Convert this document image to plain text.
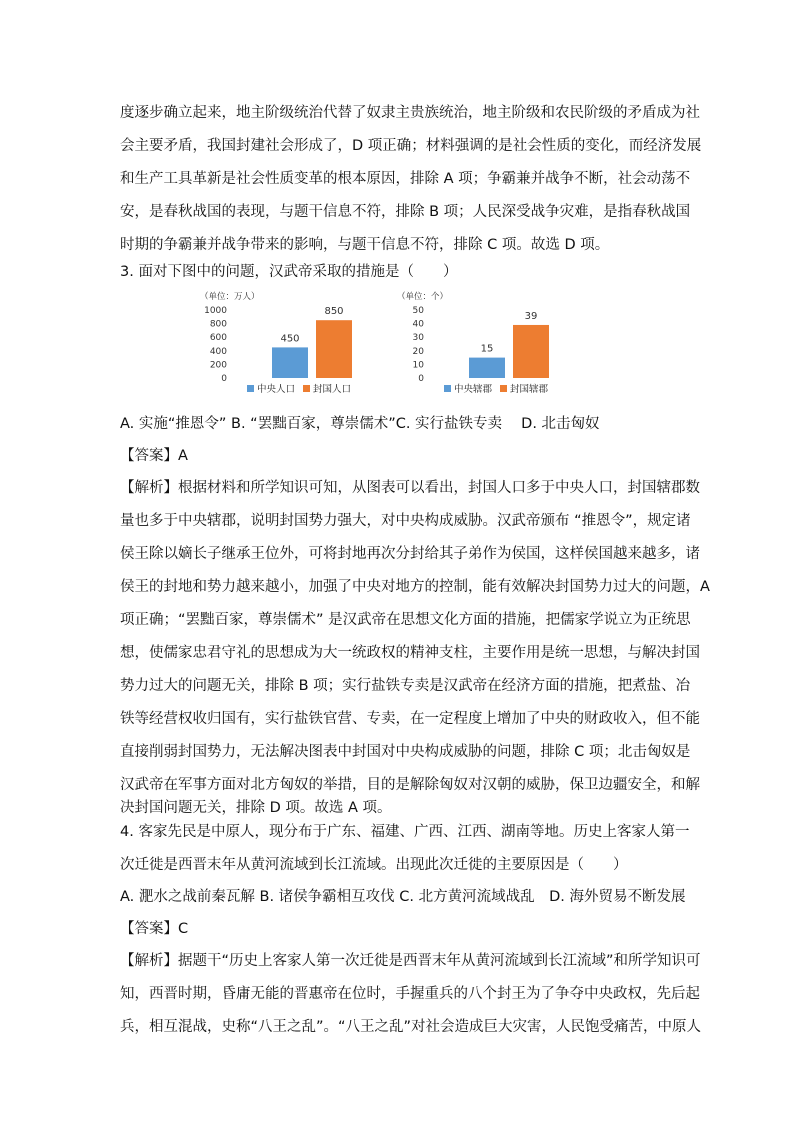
度逐步确立起来，地主阶级统治代替了奴隶主贵族统治，地主阶级和农民阶级的矛盾成为社
会主要矛盾，我国封建社会形成了，D 项正确；材料强调的是社会性质的变化，而经济发展
和生产工具革新是社会性质变革的根本原因，排除 A 项；争霸兼并战争不断，社会动荡不
安，是春秋战国的表现，与题干信息不符，排除 B 项；人民深受战争灾难，是指春秋战国
时期的争霸兼并战争带来的影响，与题干信息不符，排除 C 项。故选 D 项。
3. 面对下图中的问题，汉武帝采取的措施是（　　）
（单位：万人）
0
200
400
600
800
1000
450
850
中央人口 封国人口
（单位：个）
0
10
20
30
40
50
15
39
中央辖郡 封国辖郡
A. 实施“推恩令” B. “罢黜百家，尊崇儒术”C. 实行盐铁专卖　 D. 北击匈奴
【答案】A
【解析】根据材料和所学知识可知，从图表可以看出，封国人口多于中央人口，封国辖郡数
量也多于中央辖郡，说明封国势力强大，对中央构成威胁。汉武帝颁布 “推恩令”，规定诸
侯王除以嫡长子继承王位外，可将封地再次分封给其子弟作为侯国，这样侯国越来越多，诸
侯王的封地和势力越来越小，加强了中央对地方的控制，能有效解决封国势力过大的问题，A
项正确；“罢黜百家，尊崇儒术” 是汉武帝在思想文化方面的措施，把儒家学说立为正统思
想，使儒家忠君守礼的思想成为大一统政权的精神支柱，主要作用是统一思想，与解决封国
势力过大的问题无关，排除 B 项；实行盐铁专卖是汉武帝在经济方面的措施，把煮盐、冶
铁等经营权收归国有，实行盐铁官营、专卖，在一定程度上增加了中央的财政收入，但不能
直接削弱封国势力，无法解决图表中封国对中央构成威胁的问题，排除 C 项；北击匈奴是
汉武帝在军事方面对北方匈奴的举措，目的是解除匈奴对汉朝的威胁，保卫边疆安全，和解
决封国问题无关，排除 D 项。故选 A 项。
4. 客家先民是中原人，现分布于广东、福建、广西、江西、湖南等地。历史上客家人第一
次迁徙是西晋末年从黄河流域到长江流域。出现此次迁徙的主要原因是（　　）
A. 淝水之战前秦瓦解 B. 诸侯争霸相互攻伐 C. 北方黄河流域战乱　D. 海外贸易不断发展
【答案】C
【解析】据题干“历史上客家人第一次迁徙是西晋末年从黄河流域到长江流域”和所学知识可
知，西晋时期，昏庸无能的晋惠帝在位时，手握重兵的八个封王为了争夺中央政权，先后起
兵，相互混战，史称“八王之乱”。“八王之乱”对社会造成巨大灾害，人民饱受痛苦，中原人
